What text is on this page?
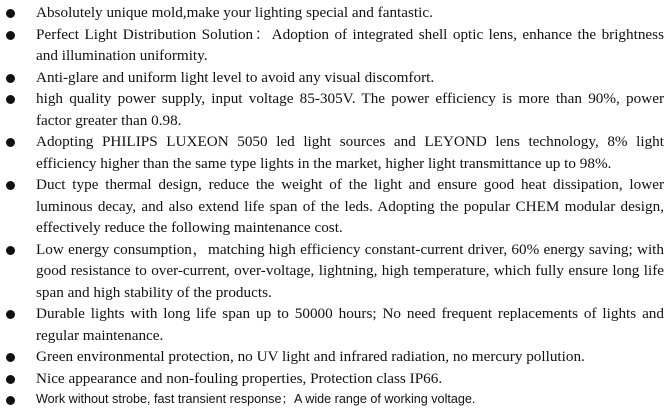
Absolutely unique mold,make your lighting special and fantastic.
Perfect Light Distribution Solution：Adoption of integrated shell optic lens, enhance the brightness and illumination uniformity.
Anti-glare and uniform light level to avoid any visual discomfort.
high quality power supply, input voltage 85-305V. The power efficiency is more than 90%, power factor greater than 0.98.
Adopting PHILIPS LUXEON 5050 led light sources and LEYOND lens technology, 8% light efficiency higher than the same type lights in the market, higher light transmittance up to 98%.
Duct type thermal design, reduce the weight of the light and ensure good heat dissipation, lower luminous decay, and also extend life span of the leds. Adopting the popular CHEM modular design, effectively reduce the following maintenance cost.
Low energy consumption，matching high efficiency constant-current driver, 60% energy saving; with good resistance to over-current, over-voltage, lightning, high temperature, which fully ensure long life span and high stability of the products.
Durable lights with long life span up to 50000 hours; No need frequent replacements of lights and regular maintenance.
Green environmental protection, no UV light and infrared radiation, no mercury pollution.
Nice appearance and non-fouling properties, Protection class IP66.
Work without strobe, fast transient response；A wide range of working voltage.
